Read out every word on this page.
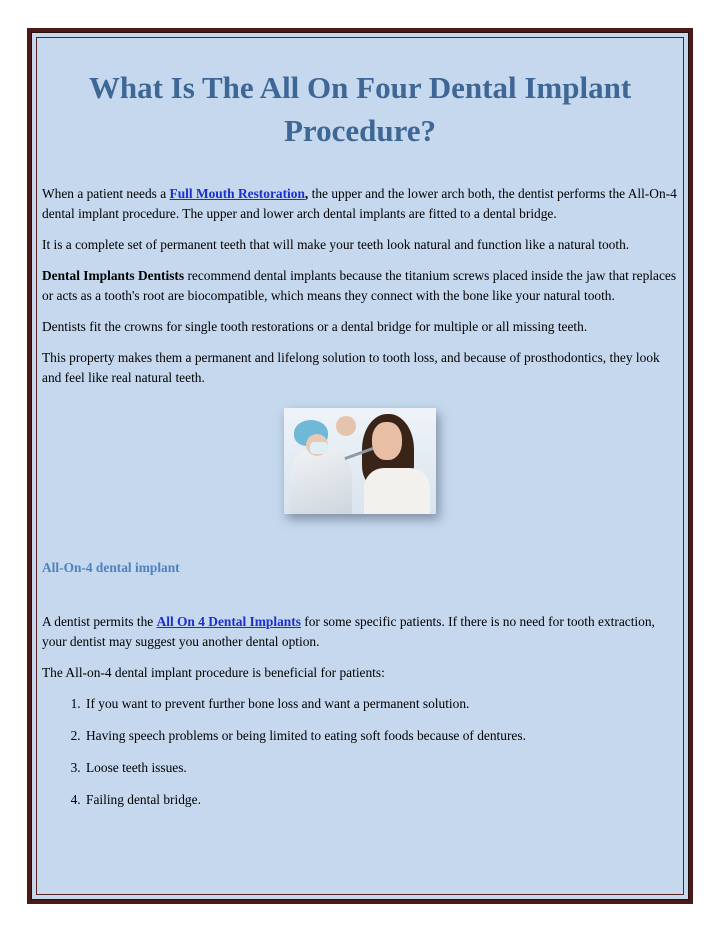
What Is The All On Four Dental Implant Procedure?

When a patient needs a Full Mouth Restoration, the upper and the lower arch both, the dentist performs the All-On-4 dental implant procedure. The upper and lower arch dental implants are fitted to a dental bridge.

It is a complete set of permanent teeth that will make your teeth look natural and function like a natural tooth.

Dental Implants Dentists recommend dental implants because the titanium screws placed inside the jaw that replaces or acts as a tooth's root are biocompatible, which means they connect with the bone like your natural tooth.

Dentists fit the crowns for single tooth restorations or a dental bridge for multiple or all missing teeth.

This property makes them a permanent and lifelong solution to tooth loss, and because of prosthodontics, they look and feel like real natural teeth.

All-On-4 dental implant

A dentist permits the All On 4 Dental Implants for some specific patients. If there is no need for tooth extraction, your dentist may suggest you another dental option.

The All-on-4 dental implant procedure is beneficial for patients:

1. If you want to prevent further bone loss and want a permanent solution.
2. Having speech problems or being limited to eating soft foods because of dentures.
3. Loose teeth issues.
4. Failing dental bridge.
